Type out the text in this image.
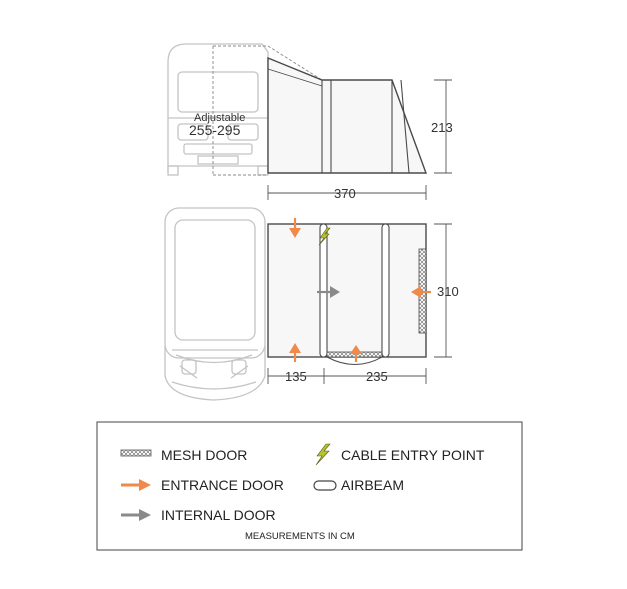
213
370
Adjustable
255-295
310
135	235
MESH DOOR	CABLE ENTRY POINT
ENTRANCE DOOR	AIRBEAM
INTERNAL DOOR
MEASUREMENTS IN CM
